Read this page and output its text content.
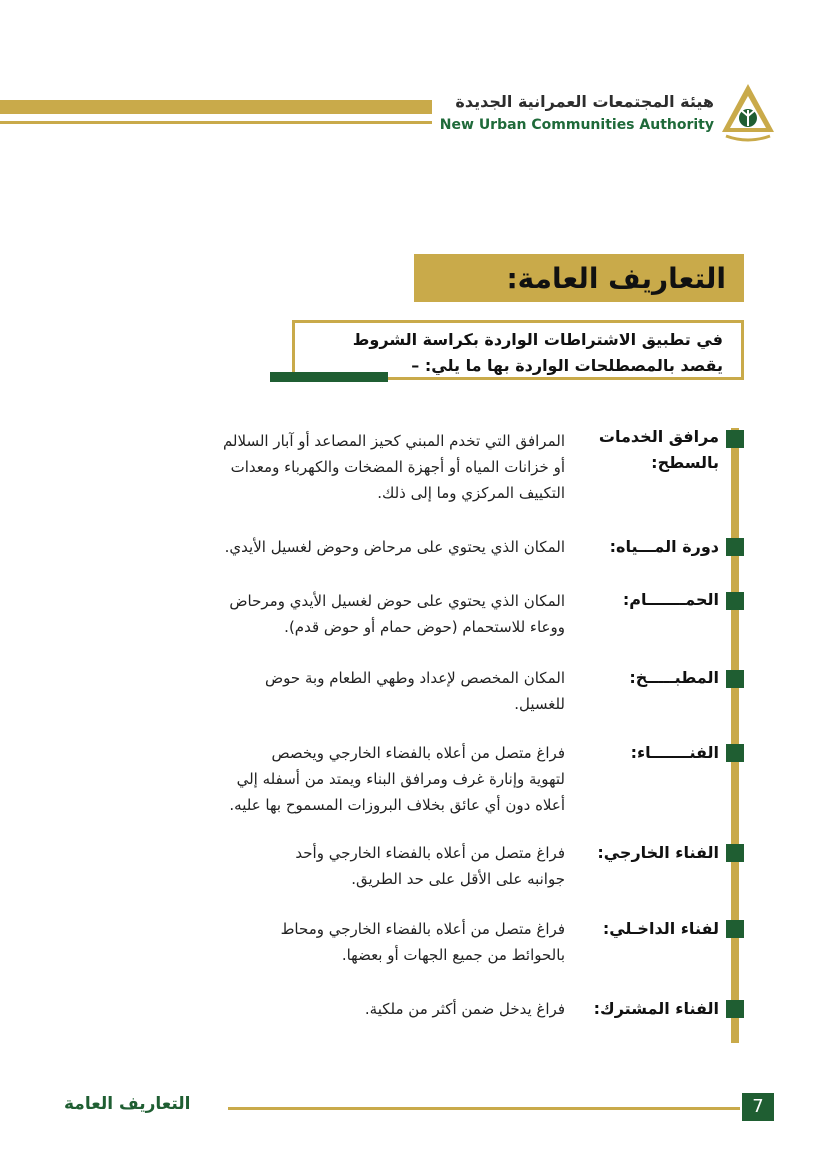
هيئة المجتمعات العمرانية الجديدة
New Urban Communities Authority
التعاريف العامة:
في تطبيق الاشتراطات الواردة بكراسة الشروط
يقصد بالمصطلحات الواردة بها ما يلي: –
مرافق الخدمات
بالسطح:
المرافق التي تخدم المبني كحيز المصاعد أو آبار السلالم
أو خزانات المياه أو أجهزة المضخات والكهرباء ومعدات
التكييف المركزي وما إلى ذلك.
دورة المـــياه:
المكان الذي يحتوي على مرحاض وحوض لغسيل الأيدي.
الحمـــــــام:
المكان الذي يحتوي على حوض لغسيل الأيدي ومرحاض
ووعاء للاستحمام (حوض حمام أو حوض قدم).
المطبـــــخ:
المكان المخصص لإعداد وطهي الطعام وبة حوض
للغسيل.
الفنـــــــاء:
فراغ متصل من أعلاه بالفضاء الخارجي ويخصص
لتهوية وإنارة غرف ومرافق البناء ويمتد من أسفله إلي
أعلاه دون أي عائق بخلاف البروزات المسموح بها عليه.
الفناء الخارجي:
فراغ متصل من أعلاه بالفضاء الخارجي وأحد
جوانبه على الأقل على حد الطريق.
لفناء الداخـلي:
فراغ متصل من أعلاه بالفضاء الخارجي ومحاط
بالحوائط من جميع الجهات أو بعضها.
الفناء المشترك:
فراغ يدخل ضمن أكثر من ملكية.
التعاريف العامة	7
